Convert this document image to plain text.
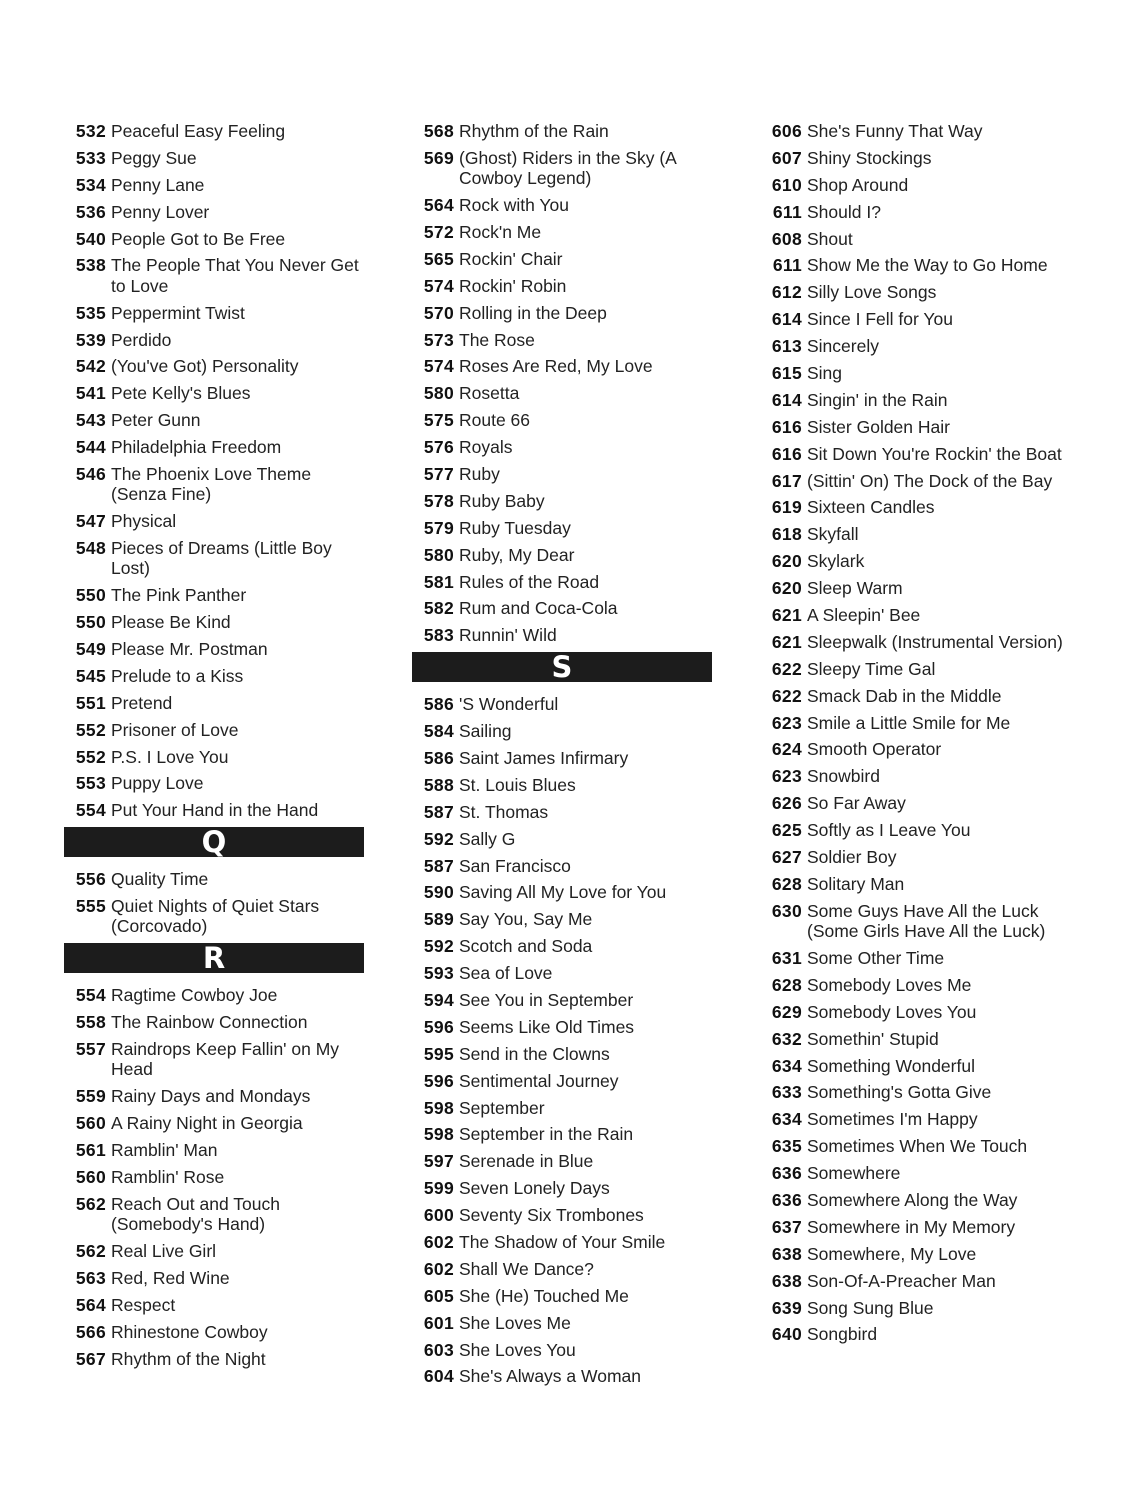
532 Peaceful Easy Feeling
533 Peggy Sue
534 Penny Lane
536 Penny Lover
540 People Got to Be Free
538 The People That You Never Get to Love
535 Peppermint Twist
539 Perdido
542 (You've Got) Personality
541 Pete Kelly's Blues
543 Peter Gunn
544 Philadelphia Freedom
546 The Phoenix Love Theme (Senza Fine)
547 Physical
548 Pieces of Dreams (Little Boy Lost)
550 The Pink Panther
550 Please Be Kind
549 Please Mr. Postman
545 Prelude to a Kiss
551 Pretend
552 Prisoner of Love
552 P.S. I Love You
553 Puppy Love
554 Put Your Hand in the Hand
Q
556 Quality Time
555 Quiet Nights of Quiet Stars (Corcovado)
R
554 Ragtime Cowboy Joe
558 The Rainbow Connection
557 Raindrops Keep Fallin' on My Head
559 Rainy Days and Mondays
560 A Rainy Night in Georgia
561 Ramblin' Man
560 Ramblin' Rose
562 Reach Out and Touch (Somebody's Hand)
562 Real Live Girl
563 Red, Red Wine
564 Respect
566 Rhinestone Cowboy
567 Rhythm of the Night
568 Rhythm of the Rain
569 (Ghost) Riders in the Sky (A Cowboy Legend)
564 Rock with You
572 Rock'n Me
565 Rockin' Chair
574 Rockin' Robin
570 Rolling in the Deep
573 The Rose
574 Roses Are Red, My Love
580 Rosetta
575 Route 66
576 Royals
577 Ruby
578 Ruby Baby
579 Ruby Tuesday
580 Ruby, My Dear
581 Rules of the Road
582 Rum and Coca-Cola
583 Runnin' Wild
S
586 'S Wonderful
584 Sailing
586 Saint James Infirmary
588 St. Louis Blues
587 St. Thomas
592 Sally G
587 San Francisco
590 Saving All My Love for You
589 Say You, Say Me
592 Scotch and Soda
593 Sea of Love
594 See You in September
596 Seems Like Old Times
595 Send in the Clowns
596 Sentimental Journey
598 September
598 September in the Rain
597 Serenade in Blue
599 Seven Lonely Days
600 Seventy Six Trombones
602 The Shadow of Your Smile
602 Shall We Dance?
605 She (He) Touched Me
601 She Loves Me
603 She Loves You
604 She's Always a Woman
606 She's Funny That Way
607 Shiny Stockings
610 Shop Around
611 Should I?
608 Shout
611 Show Me the Way to Go Home
612 Silly Love Songs
614 Since I Fell for You
613 Sincerely
615 Sing
614 Singin' in the Rain
616 Sister Golden Hair
616 Sit Down You're Rockin' the Boat
617 (Sittin' On) The Dock of the Bay
619 Sixteen Candles
618 Skyfall
620 Skylark
620 Sleep Warm
621 A Sleepin' Bee
621 Sleepwalk (Instrumental Version)
622 Sleepy Time Gal
622 Smack Dab in the Middle
623 Smile a Little Smile for Me
624 Smooth Operator
623 Snowbird
626 So Far Away
625 Softly as I Leave You
627 Soldier Boy
628 Solitary Man
630 Some Guys Have All the Luck (Some Girls Have All the Luck)
631 Some Other Time
628 Somebody Loves Me
629 Somebody Loves You
632 Somethin' Stupid
634 Something Wonderful
633 Something's Gotta Give
634 Sometimes I'm Happy
635 Sometimes When We Touch
636 Somewhere
636 Somewhere Along the Way
637 Somewhere in My Memory
638 Somewhere, My Love
638 Son-Of-A-Preacher Man
639 Song Sung Blue
640 Songbird
